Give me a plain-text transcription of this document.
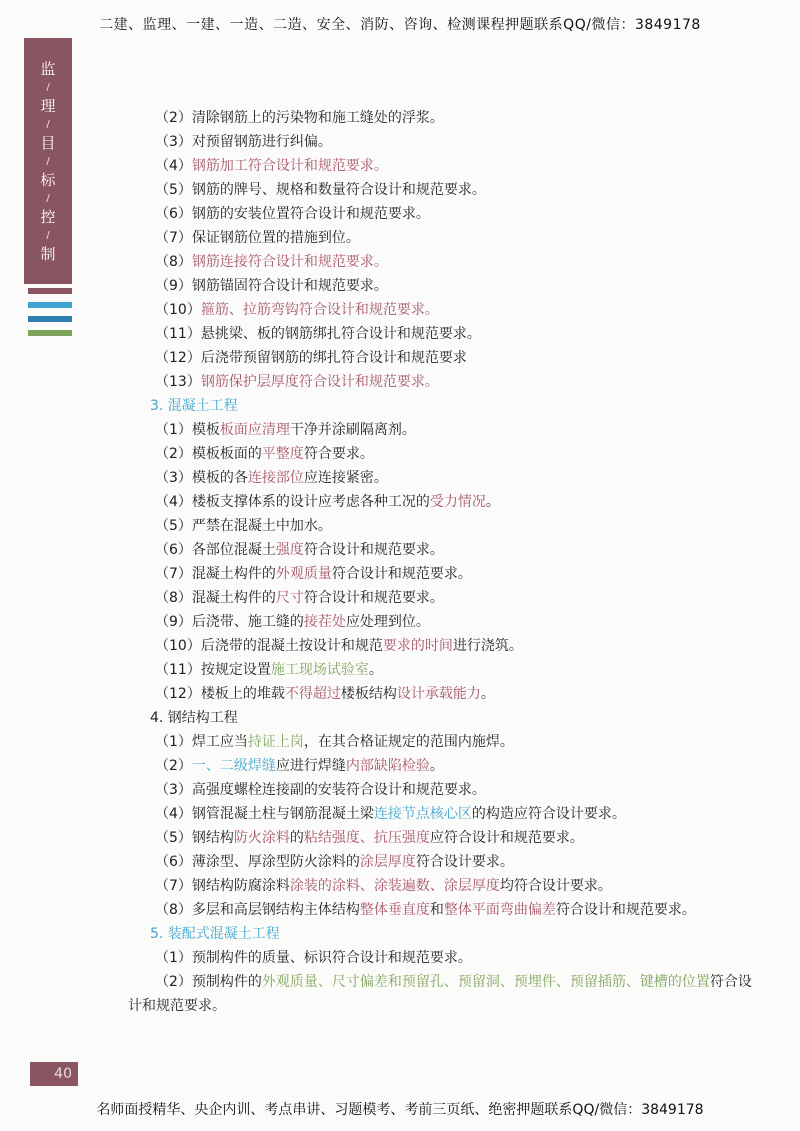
二建、监理、一建、一造、二造、安全、消防、咨询、检测课程押题联系QQ/微信：3849178
监
/
理
/
目
/
标
/
控
/
制
（2）清除钢筋上的污染物和施工缝处的浮浆。
（3）对预留钢筋进行纠偏。
（4）钢筋加工符合设计和规范要求。
（5）钢筋的牌号、规格和数量符合设计和规范要求。
（6）钢筋的安装位置符合设计和规范要求。
（7）保证钢筋位置的措施到位。
（8）钢筋连接符合设计和规范要求。
（9）钢筋锚固符合设计和规范要求。
（10）箍筋、拉筋弯钩符合设计和规范要求。
（11）悬挑梁、板的钢筋绑扎符合设计和规范要求。
（12）后浇带预留钢筋的绑扎符合设计和规范要求
（13）钢筋保护层厚度符合设计和规范要求。
3. 混凝土工程
（1）模板板面应清理干净并涂刷隔离剂。
（2）模板板面的平整度符合要求。
（3）模板的各连接部位应连接紧密。
（4）楼板支撑体系的设计应考虑各种工况的受力情况。
（5）严禁在混凝土中加水。
（6）各部位混凝土强度符合设计和规范要求。
（7）混凝土构件的外观质量符合设计和规范要求。
（8）混凝土构件的尺寸符合设计和规范要求。
（9）后浇带、施工缝的接茬处应处理到位。
（10）后浇带的混凝土按设计和规范要求的时间进行浇筑。
（11）按规定设置施工现场试验室。
（12）楼板上的堆载不得超过楼板结构设计承载能力。
4. 钢结构工程
（1）焊工应当持证上岗，在其合格证规定的范围内施焊。
（2）一、二级焊缝应进行焊缝内部缺陷检验。
（3）高强度螺栓连接副的安装符合设计和规范要求。
（4）钢管混凝土柱与钢筋混凝土梁连接节点核心区的构造应符合设计要求。
（5）钢结构防火涂料的粘结强度、抗压强度应符合设计和规范要求。
（6）薄涂型、厚涂型防火涂料的涂层厚度符合设计要求。
（7）钢结构防腐涂料涂装的涂料、涂装遍数、涂层厚度均符合设计要求。
（8）多层和高层钢结构主体结构整体垂直度和整体平面弯曲偏差符合设计和规范要求。
5. 装配式混凝土工程
（1）预制构件的质量、标识符合设计和规范要求。
（2）预制构件的外观质量、尺寸偏差和预留孔、预留洞、预埋件、预留插筋、键槽的位置符合设
计和规范要求。
40
名师面授精华、央企内训、考点串讲、习题模考、考前三页纸、绝密押题联系QQ/微信：3849178
